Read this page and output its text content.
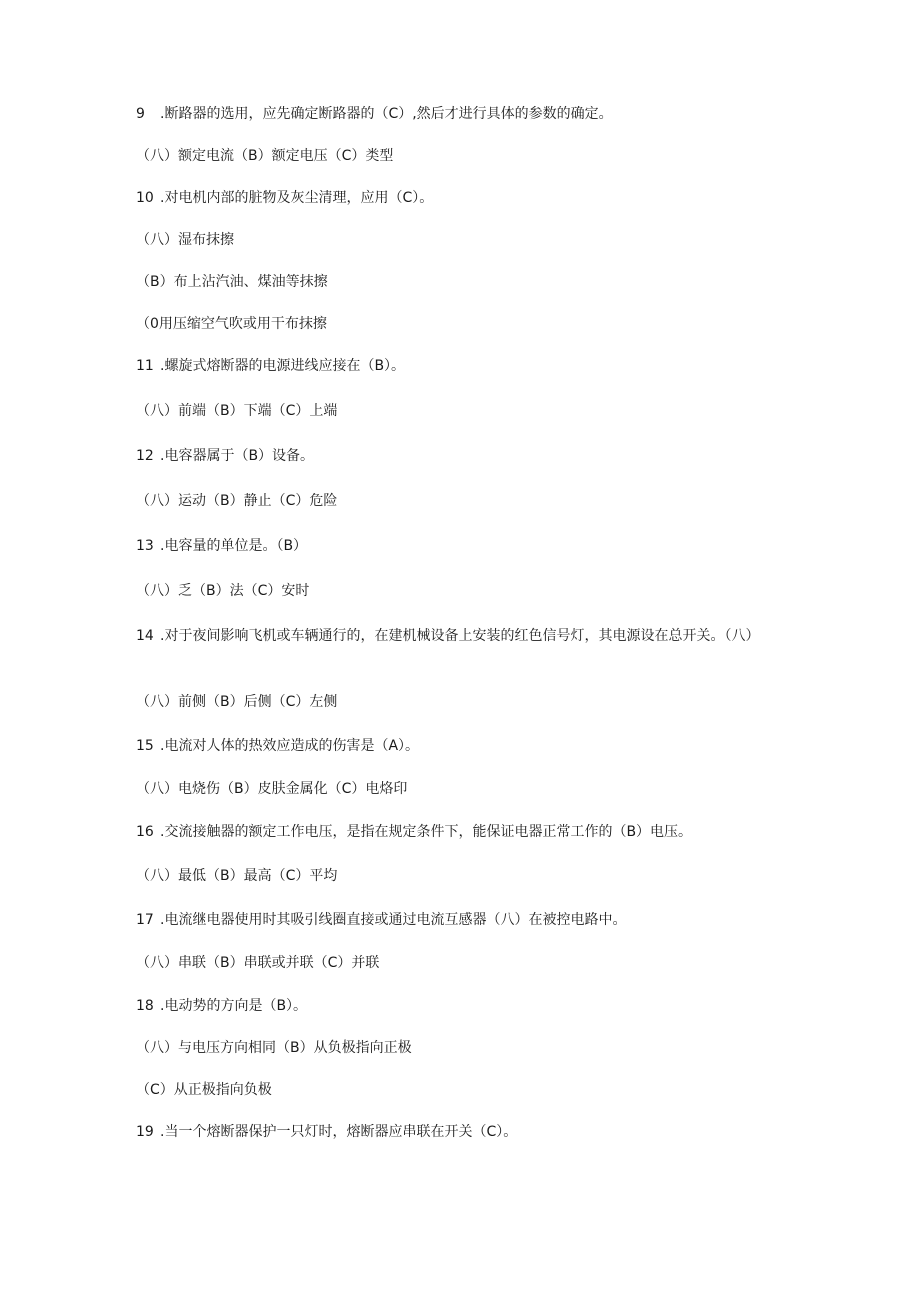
9 .断路器的选用，应先确定断路器的（C）,然后才进行具体的参数的确定。
（八）额定电流（B）额定电压（C）类型
10 .对电机内部的脏物及灰尘清理，应用（C）。
（八）湿布抹擦
（B）布上沾汽油、煤油等抹擦
（0用压缩空气吹或用干布抹擦
11 .螺旋式熔断器的电源进线应接在（B）。
（八）前端（B）下端（C）上端
12 .电容器属于（B）设备。
（八）运动（B）静止（C）危险
13 .电容量的单位是。（B）
（八）乏（B）法（C）安时
14 .对于夜间影响飞机或车辆通行的，在建机械设备上安装的红色信号灯，其电源设在总开关。（八）
（八）前侧（B）后侧（C）左侧
15 .电流对人体的热效应造成的伤害是（A）。
（八）电烧伤（B）皮肤金属化（C）电烙印
16 .交流接触器的额定工作电压，是指在规定条件下，能保证电器正常工作的（B）电压。
（八）最低（B）最高（C）平均
17 .电流继电器使用时其吸引线圈直接或通过电流互感器（八）在被控电路中。
（八）串联（B）串联或并联（C）并联
18 .电动势的方向是（B）。
（八）与电压方向相同（B）从负极指向正极
（C）从正极指向负极
19 .当一个熔断器保护一只灯时，熔断器应串联在开关（C）。
